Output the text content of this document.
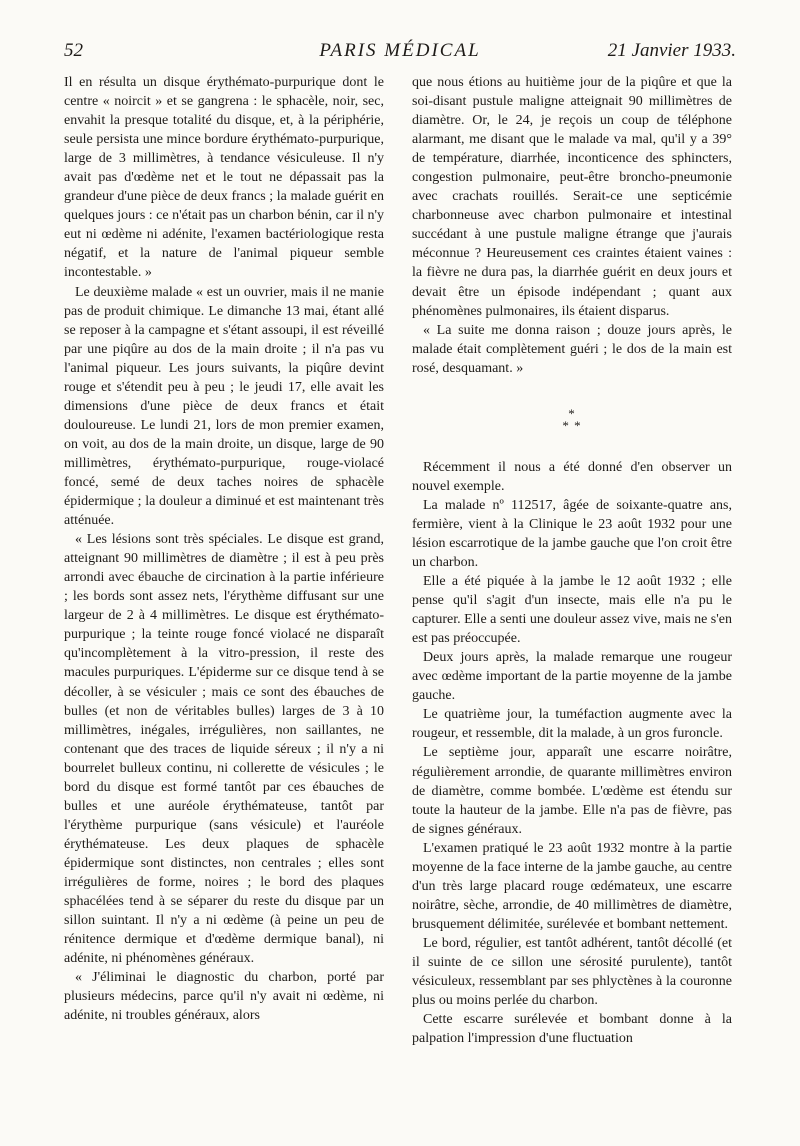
52	PARIS MÉDICAL	21 Janvier 1933.

Il en résulta un disque érythémato-purpurique dont le centre « noircit » et se gangrena : le sphacèle, noir, sec, envahit la presque totalité du disque, et, à la périphérie, seule persista une mince bordure érythémato-purpurique, large de 3 millimètres, à tendance vésiculeuse. Il n'y avait pas d'œdème net et le tout ne dépassait pas la grandeur d'une pièce de deux francs ; la malade guérit en quelques jours : ce n'était pas un charbon bénin, car il n'y eut ni œdème ni adénite, l'examen bactériologique resta négatif, et la nature de l'animal piqueur semble incontestable. »

Le deuxième malade « est un ouvrier, mais il ne manie pas de produit chimique. Le dimanche 13 mai, étant allé se reposer à la campagne et s'étant assoupi, il est réveillé par une piqûre au dos de la main droite ; il n'a pas vu l'animal piqueur. Les jours suivants, la piqûre devint rouge et s'étendit peu à peu ; le jeudi 17, elle avait les dimensions d'une pièce de deux francs et était douloureuse. Le lundi 21, lors de mon premier examen, on voit, au dos de la main droite, un disque, large de 90 millimètres, érythémato-purpurique, rouge-violacé foncé, semé de deux taches noires de sphacèle épidermique ; la douleur a diminué et est maintenant très atténuée.

« Les lésions sont très spéciales. Le disque est grand, atteignant 90 millimètres de diamètre ; il est à peu près arrondi avec ébauche de circination à la partie inférieure ; les bords sont assez nets, l'érythème diffusant sur une largeur de 2 à 4 millimètres. Le disque est érythémato-purpurique ; la teinte rouge foncé violacé ne disparaît qu'incomplètement à la vitro-pression, il reste des macules purpuriques. L'épiderme sur ce disque tend à se décoller, à se vésiculer ; mais ce sont des ébauches de bulles (et non de véritables bulles) larges de 3 à 10 millimètres, inégales, irrégulières, non saillantes, ne contenant que des traces de liquide séreux ; il n'y a ni bourrelet bulleux continu, ni collerette de vésicules ; le bord du disque est formé tantôt par ces ébauches de bulles et une auréole érythémateuse, tantôt par l'érythème purpurique (sans vésicule) et l'auréole érythémateuse. Les deux plaques de sphacèle épidermique sont distinctes, non centrales ; elles sont irrégulières de forme, noires ; le bord des plaques sphacélées tend à se séparer du reste du disque par un sillon suintant. Il n'y a ni œdème (à peine un peu de rénitence dermique et d'œdème dermique banal), ni adénite, ni phénomènes généraux.

« J'éliminai le diagnostic du charbon, porté par plusieurs médecins, parce qu'il n'y avait ni œdème, ni adénite, ni troubles généraux, alors

que nous étions au huitième jour de la piqûre et que la soi-disant pustule maligne atteignait 90 millimètres de diamètre. Or, le 24, je reçois un coup de téléphone alarmant, me disant que le malade va mal, qu'il y a 39° de température, diarrhée, inconticence des sphincters, congestion pulmonaire, peut-être broncho-pneumonie avec crachats rouillés. Serait-ce une septicémie charbonneuse avec charbon pulmonaire et intestinal succédant à une pustule maligne étrange que j'aurais méconnue ? Heureusement ces craintes étaient vaines : la fièvre ne dura pas, la diarrhée guérit en deux jours et devait être un épisode indépendant ; quant aux phénomènes pulmonaires, ils étaient disparus.

« La suite me donna raison ; douze jours après, le malade était complètement guéri ; le dos de la main est rosé, desquamant. »

*
* *

Récemment il nous a été donné d'en observer un nouvel exemple.

La malade nº 112517, âgée de soixante-quatre ans, fermière, vient à la Clinique le 23 août 1932 pour une lésion escarrotique de la jambe gauche que l'on croit être un charbon.

Elle a été piquée à la jambe le 12 août 1932 ; elle pense qu'il s'agit d'un insecte, mais elle n'a pu le capturer. Elle a senti une douleur assez vive, mais ne s'en est pas préoccupée.

Deux jours après, la malade remarque une rougeur avec œdème important de la partie moyenne de la jambe gauche.

Le quatrième jour, la tuméfaction augmente avec la rougeur, et ressemble, dit la malade, à un gros furoncle.

Le septième jour, apparaît une escarre noirâtre, régulièrement arrondie, de quarante millimètres environ de diamètre, comme bombée. L'œdème est étendu sur toute la hauteur de la jambe. Elle n'a pas de fièvre, pas de signes généraux.

L'examen pratiqué le 23 août 1932 montre à la partie moyenne de la face interne de la jambe gauche, au centre d'un très large placard rouge œdémateux, une escarre noirâtre, sèche, arrondie, de 40 millimètres de diamètre, brusquement délimitée, surélevée et bombant nettement.

Le bord, régulier, est tantôt adhérent, tantôt décollé (et il suinte de ce sillon une sérosité purulente), tantôt vésiculeux, ressemblant par ses phlyctènes à la couronne plus ou moins perlée du charbon.

Cette escarre surélevée et bombant donne à la palpation l'impression d'une fluctuation
